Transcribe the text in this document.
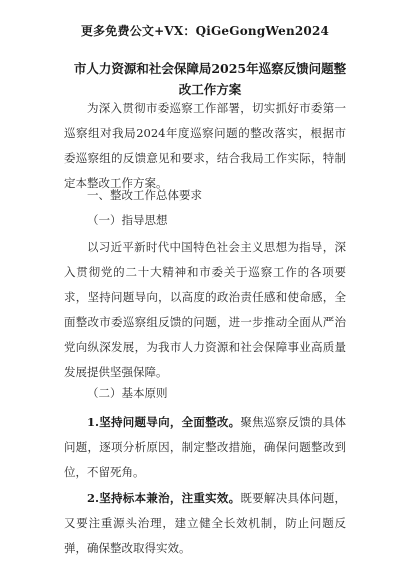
更多免费公文+VX：QiGeGongWen2024
市人力资源和社会保障局2025年巡察反馈问题整改工作方案
为深入贯彻市委巡察工作部署，切实抓好市委第一巡察组对我局2024年度巡察问题的整改落实，根据市委巡察组的反馈意见和要求，结合我局工作实际，特制定本整改工作方案。
一、整改工作总体要求
（一）指导思想
以习近平新时代中国特色社会主义思想为指导，深入贯彻党的二十大精神和市委关于巡察工作的各项要求，坚持问题导向，以高度的政治责任感和使命感，全面整改市委巡察组反馈的问题，进一步推动全面从严治党向纵深发展，为我市人力资源和社会保障事业高质量发展提供坚强保障。
（二）基本原则
1.坚持问题导向，全面整改。聚焦巡察反馈的具体问题，逐项分析原因，制定整改措施，确保问题整改到位，不留死角。
2.坚持标本兼治，注重实效。既要解决具体问题，又要注重源头治理，建立健全长效机制，防止问题反弹，确保整改取得实效。
